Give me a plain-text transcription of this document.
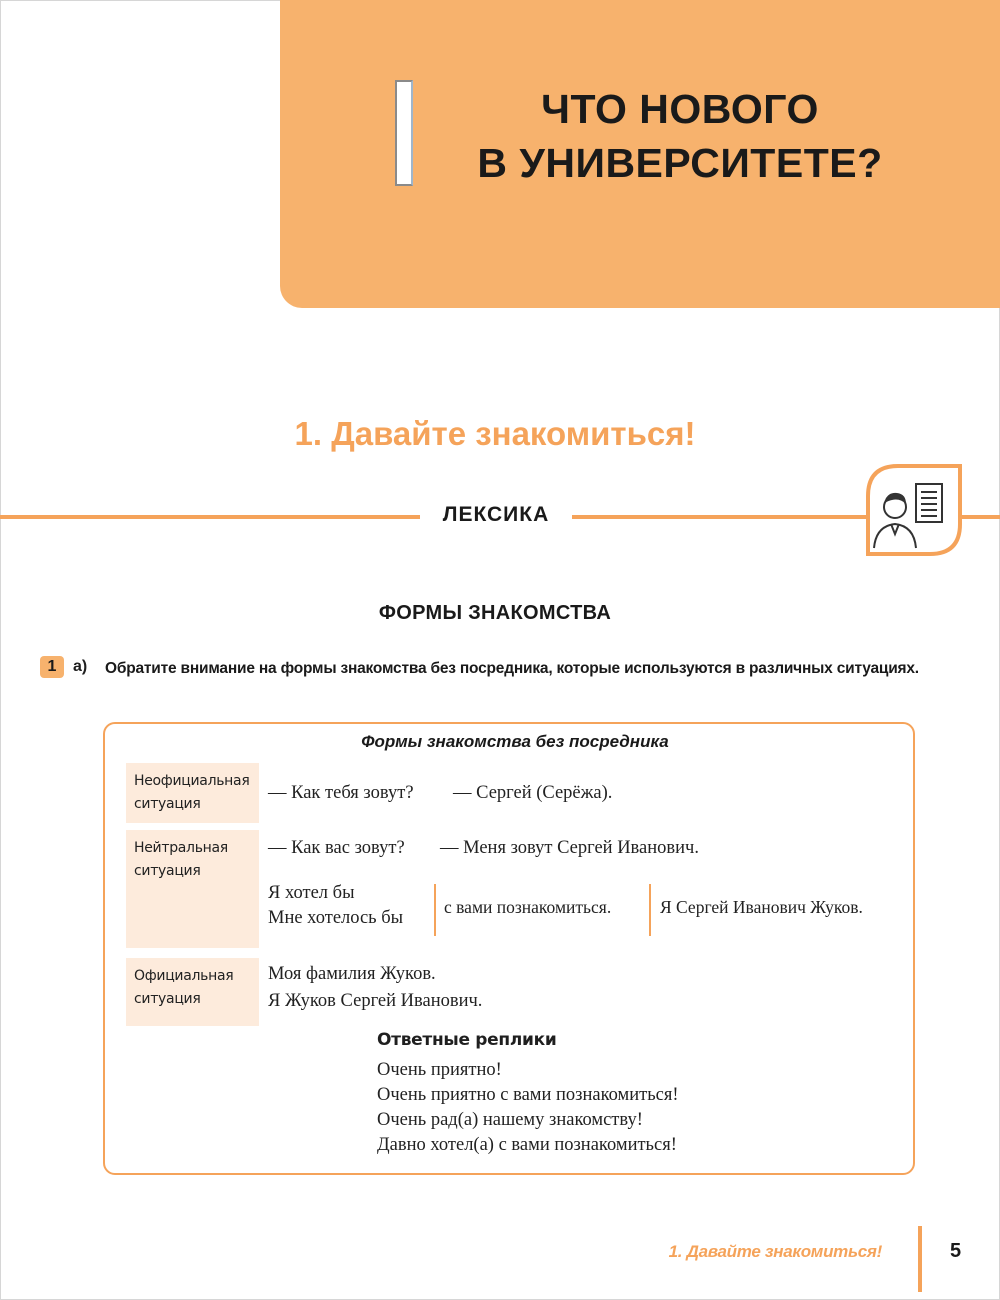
ЧТО НОВОГО
В УНИВЕРСИТЕТЕ?
1. Давайте знакомиться!
ЛЕКСИКА
ФОРМЫ ЗНАКОМСТВА
1	а) Обратите внимание на формы знакомства без посредника, которые используются в различных ситуациях.
Формы знакомства без посредника
Неофициальная ситуация
— Как тебя зовут? — Сергей (Серёжа).
Нейтральная ситуация
— Как вас зовут? — Меня зовут Сергей Иванович.
Я хотел бы
Мне хотелось бы
с вами познакомиться.	Я Сергей Иванович Жуков.
Официальная ситуация
Моя фамилия Жуков.
Я Жуков Сергей Иванович.
Ответные реплики
Очень приятно!
Очень приятно с вами познакомиться!
Очень рад(а) нашему знакомству!
Давно хотел(а) с вами познакомиться!
1. Давайте знакомиться!	5
